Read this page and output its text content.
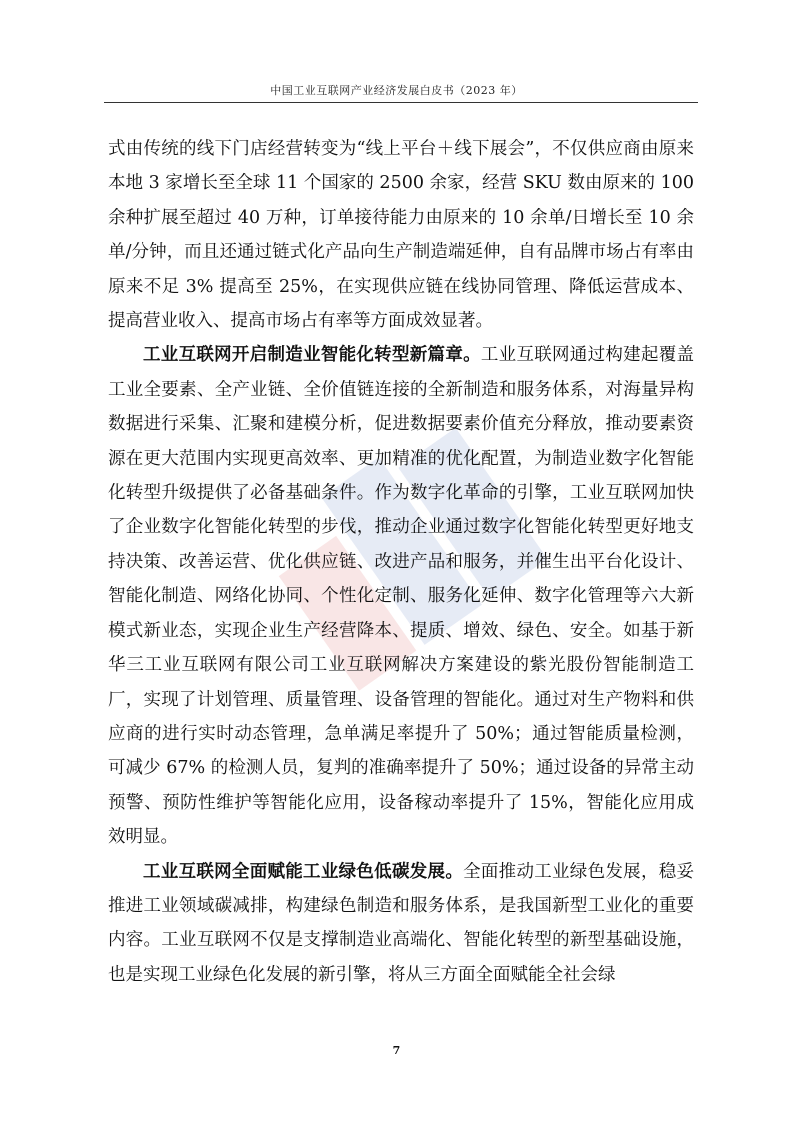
中国工业互联网产业经济发展白皮书（2023 年）

式由传统的线下门店经营转变为“线上平台＋线下展会”，不仅供应商由原来本地 3 家增长至全球 11 个国家的 2500 余家，经营 SKU 数由原来的 100 余种扩展至超过 40 万种，订单接待能力由原来的 10 余单/日增长至 10 余单/分钟，而且还通过链式化产品向生产制造端延伸，自有品牌市场占有率由原来不足 3% 提高至 25%，在实现供应链在线协同管理、降低运营成本、提高营业收入、提高市场占有率等方面成效显著。

工业互联网开启制造业智能化转型新篇章。工业互联网通过构建起覆盖工业全要素、全产业链、全价值链连接的全新制造和服务体系，对海量异构数据进行采集、汇聚和建模分析，促进数据要素价值充分释放，推动要素资源在更大范围内实现更高效率、更加精准的优化配置，为制造业数字化智能化转型升级提供了必备基础条件。作为数字化革命的引擎，工业互联网加快了企业数字化智能化转型的步伐，推动企业通过数字化智能化转型更好地支持决策、改善运营、优化供应链、改进产品和服务，并催生出平台化设计、智能化制造、网络化协同、个性化定制、服务化延伸、数字化管理等六大新模式新业态，实现企业生产经营降本、提质、增效、绿色、安全。如基于新华三工业互联网有限公司工业互联网解决方案建设的紫光股份智能制造工厂，实现了计划管理、质量管理、设备管理的智能化。通过对生产物料和供应商的进行实时动态管理，急单满足率提升了 50%；通过智能质量检测，可减少 67% 的检测人员，复判的准确率提升了 50%；通过设备的异常主动预警、预防性维护等智能化应用，设备稼动率提升了 15%，智能化应用成效明显。

工业互联网全面赋能工业绿色低碳发展。全面推动工业绿色发展，稳妥推进工业领域碳减排，构建绿色制造和服务体系，是我国新型工业化的重要内容。工业互联网不仅是支撑制造业高端化、智能化转型的新型基础设施，也是实现工业绿色化发展的新引擎，将从三方面全面赋能全社会绿

7
